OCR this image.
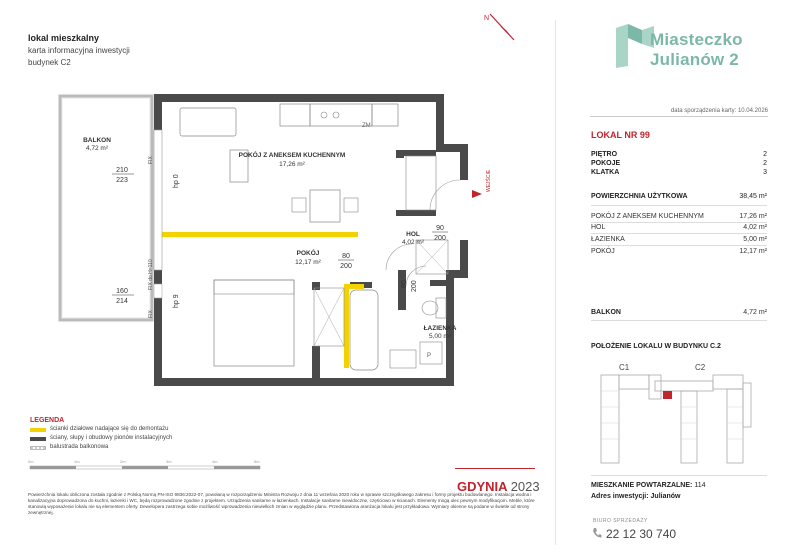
lokal mieszkalny
karta informacyjna inwestycji
budynek C2
N
Miasteczko
Julianów 2
data sporządzenia karty: 10.04.2026
LOKAL NR 99
PIĘTRO	2
POKOJE	2
KLATKA	3
POWIERZCHNIA UŻYTKOWA	38,45 m²
POKÓJ Z ANEKSEM KUCHENNYM	17,26 m²
HOL	4,02 m²
ŁAZIENKA	5,00 m²
POKÓJ	12,17 m²
BALKON	4,72 m²
POŁOŻENIE LOKALU W BUDYNKU C.2
C1	C2
MIESZKANIE POWTARZALNE: 114
Adres inwestycji: Julianów
BIURO SPRZEDAŻY
22 12 30 740
GDYNIA 2023
LEGENDA
ścianki działowe nadające się do demontażu
ściany, słupy i obudowy pionów instalacyjnych
balustrada balkonowa
0m	1m	2m	3m	4m	5m
Powierzchnia lokalu obliczona została zgodnie z Polską Normą PN-ISO 9836:2022-07, powołaną w rozporządzeniu Ministra Rozwoju z dnia 11 września 2020 roku w sprawie szczegółowego zakresu i formy projektu budowlanego. Instalacja wodna i kanalizacyjna doprowadzona do kuchni, łazienki i WC, będą rozprowadzone zgodnie z projektem. Urządzenia sanitarne w łazienkach. Instalacje sanitarne niewidoczne, częściowo w ścianach. Elementy mogą ulec pewnym modyfikacjom. Meble, które stanowią wyposażenie lokalu nie są elementem oferty. Dewelopera zastrzega sobie możliwość wprowadzenia niewielkich zmian w wyglądzie planu. Przedstawiona aranżacja lokalu jest przykładowa. Wymiary okienne są podane w świetle od strony zewnętrznej.
ZM
P
BALKON
4,72 m²
POKÓJ Z ANEKSEM KUCHENNYM
17,26 m²
HOL
4,02 m²
POKÓJ
12,17 m²
ŁAZIENKA
5,00 m²
210
223
160
214
hp 0
hp 9
FIX
FIX
FIX do H=110
90
200
80
200
80 200
WEJŚCIE
